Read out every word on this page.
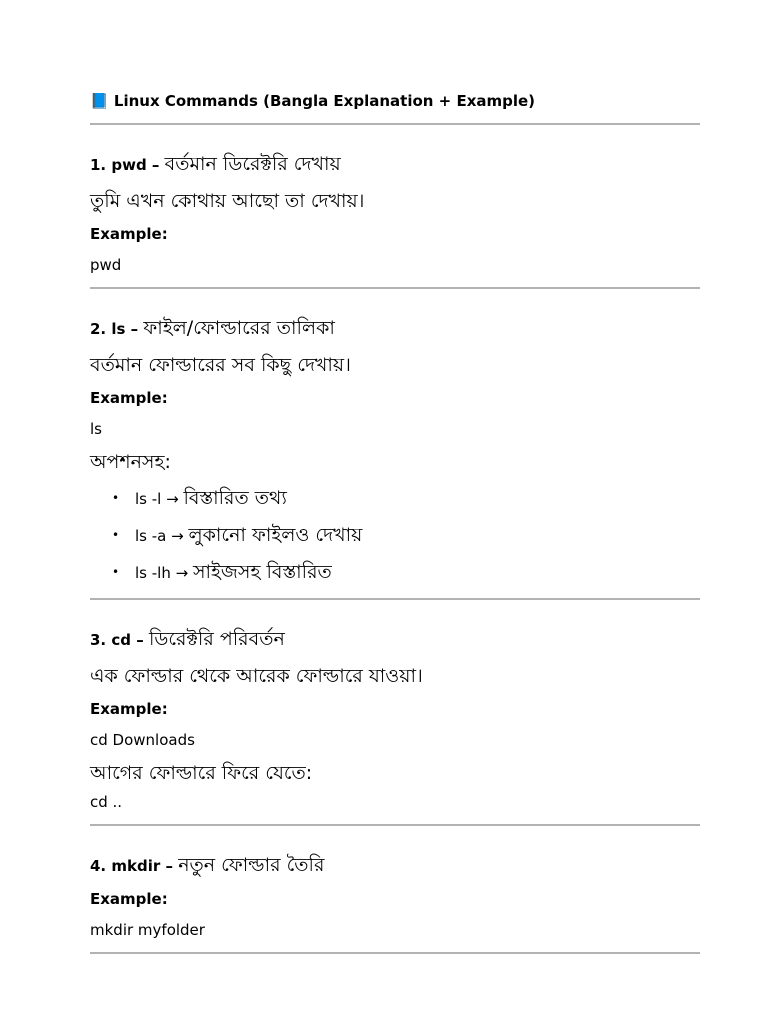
📘 Linux Commands (Bangla Explanation + Example)
1. pwd – বর্তমান ডিরেক্টরি দেখায়
তুমি এখন কোথায় আছো তা দেখায়।
Example:
pwd
2. ls – ফাইল/ফোল্ডারের তালিকা
বর্তমান ফোল্ডারের সব কিছু দেখায়।
Example:
ls
অপশনসহ:
• ls -l → বিস্তারিত তথ্য
• ls -a → লুকানো ফাইলও দেখায়
• ls -lh → সাইজসহ বিস্তারিত
3. cd – ডিরেক্টরি পরিবর্তন
এক ফোল্ডার থেকে আরেক ফোল্ডারে যাওয়া।
Example:
cd Downloads
আগের ফোল্ডারে ফিরে যেতে:
cd ..
4. mkdir – নতুন ফোল্ডার তৈরি
Example:
mkdir myfolder
